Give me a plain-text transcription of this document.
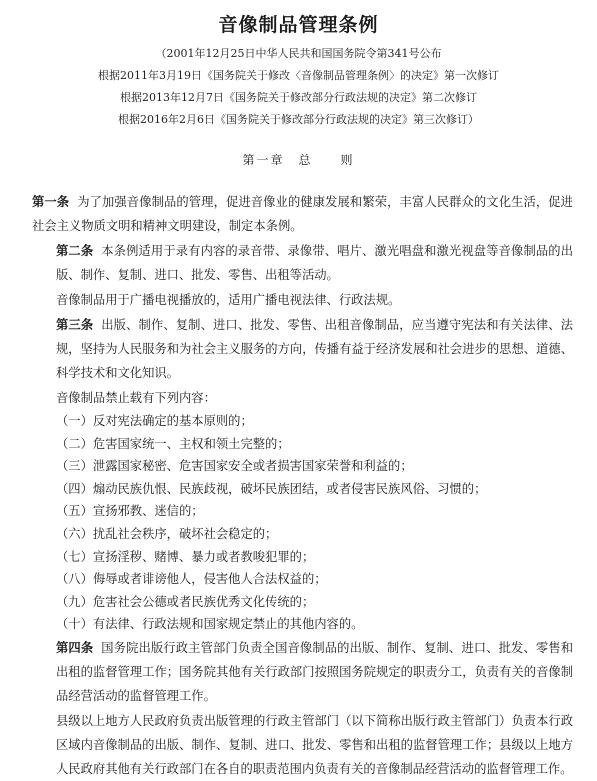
音像制品管理条例
（2001年12月25日中华人民共和国国务院令第341号公布
根据2011年3月19日《国务院关于修改〈音像制品管理条例〉的决定》第一次修订
根据2013年12月7日《国务院关于修改部分行政法规的决定》第二次修订
根据2016年2月6日《国务院关于修改部分行政法规的决定》第三次修订）
第一章　总　　则

第一条 为了加强音像制品的管理，促进音像业的健康发展和繁荣，丰富人民群众的文化生活，促进社会主义物质文明和精神文明建设，制定本条例。

第二条 本条例适用于录有内容的录音带、录像带、唱片、激光唱盘和激光视盘等音像制品的出版、制作、复制、进口、批发、零售、出租等活动。

音像制品用于广播电视播放的，适用广播电视法律、行政法规。

第三条 出版、制作、复制、进口、批发、零售、出租音像制品，应当遵守宪法和有关法律、法规，坚持为人民服务和为社会主义服务的方向，传播有益于经济发展和社会进步的思想、道德、科学技术和文化知识。

音像制品禁止载有下列内容：

（一）反对宪法确定的基本原则的；

（二）危害国家统一、主权和领土完整的；

（三）泄露国家秘密、危害国家安全或者损害国家荣誉和利益的；

（四）煽动民族仇恨、民族歧视，破坏民族团结，或者侵害民族风俗、习惯的；

（五）宣扬邪教、迷信的；

（六）扰乱社会秩序，破坏社会稳定的；

（七）宣扬淫秽、赌博、暴力或者教唆犯罪的；

（八）侮辱或者诽谤他人，侵害他人合法权益的；

（九）危害社会公德或者民族优秀文化传统的；

（十）有法律、行政法规和国家规定禁止的其他内容的。

第四条 国务院出版行政主管部门负责全国音像制品的出版、制作、复制、进口、批发、零售和出租的监督管理工作；国务院其他有关行政部门按照国务院规定的职责分工，负责有关的音像制品经营活动的监督管理工作。

县级以上地方人民政府负责出版管理的行政主管部门（以下简称出版行政主管部门）负责本行政区域内音像制品的出版、制作、复制、进口、批发、零售和出租的监督管理工作；县级以上地方人民政府其他有关行政部门在各自的职责范围内负责有关的音像制品经营活动的监督管理工作。
